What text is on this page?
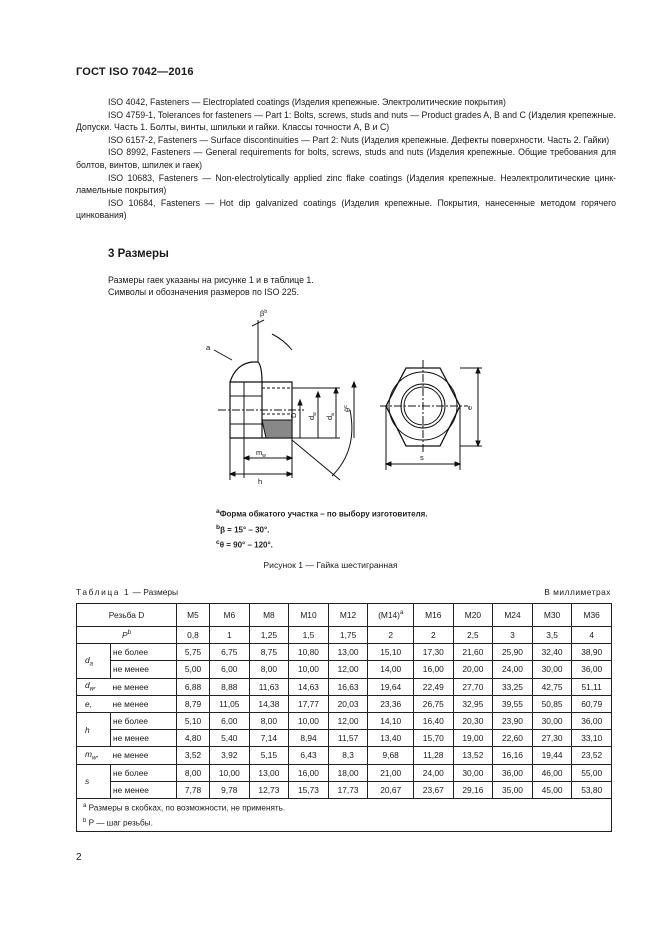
ГОСТ ISO 7042—2016

ISO 4042, Fasteners — Electroplated coatings (Изделия крепежные. Электролитические покрытия)

ISO 4759-1, Tolerances for fasteners — Part 1: Bolts, screws, studs and nuts — Product grades A, B and C (Изделия крепежные. Допуски. Часть 1. Болты, винты, шпильки и гайки. Классы точности A, B и C)

ISO 6157-2, Fasteners — Surface discontinuities — Part 2: Nuts (Изделия крепежные. Дефекты поверхности. Часть 2. Гайки)

ISO 8992, Fasteners — General requirements for bolts, screws, studs and nuts (Изделия крепежные. Общие требования для болтов, винтов, шпилек и гаек)

ISO 10683, Fasteners — Non-electrolytically applied zinc flake coatings (Изделия крепежные. Неэлектролитические цинк-ламельные покрытия)

ISO 10684, Fasteners — Hot dip galvanized coatings (Изделия крепежные. Покрытия, нанесенные методом горячего цинкования)

3 Размеры

Размеры гаек указаны на рисунке 1 и в таблице 1.

Символы и обозначения размеров по ISO 225.

$\beta^b$
a
D $d_w$
$d_a$
$\theta^c$
$m_w$
h
e
s

$^a$Форма обжатого участка – по выбору изготовителя.

$^b$β = 15° – 30°.

$^c$θ = 90° – 120°.

Рисунок 1 — Гайка шестигранная
Таблица 1 — Размеры	В миллиметрах
Резьба D		M5	M6	M8	M10	M12	$(M14)^a$	M16	M20	M24	M30	M36
$P^b$		0,8	1	1,25	1,5	1,75	2	2	2,5	3	3,5	4
$d_a$	не более	5,75	6,75	8,75	10,80	13,00	15,10	17,30	21,60	25,90	32,40	38,90
	не менее	5,00	6,00	8,00	10,00	12,00	14,00	16,00	20,00	24,00	30,00	36,00
$d_w$,	не менее	6,88	8,88	11,63	14,63	16,63	19,64	22,49	27,70	33,25	42,75	51,11
e,	не менее	8,79	11,05	14,38	17,77	20,03	23,36	26,75	32,95	39,55	50,85	60,79
h	не более	5,10	6,00	8,00	10,00	12,00	14,10	16,40	20,30	23,90	30,00	36,00
	не менее	4,80	5,40	7,14	8,94	11,57	13,40	15,70	19,00	22,60	27,30	33,10
$m_w$,	не менее	3,52	3,92	5,15	6,43	8,3	9,68	11,28	13,52	16,16	19,44	23,52
s	не более	8,00	10,00	13,00	16,00	18,00	21,00	24,00	30,00	36,00	46,00	55,00
	не менее	7,78	9,78	12,73	15,73	17,73	20,67	23,67	29,16	35,00	45,00	53,80

$^a$ Размеры в скобках, по возможности, не применять.
$^b$ P — шаг резьбы.												
2
